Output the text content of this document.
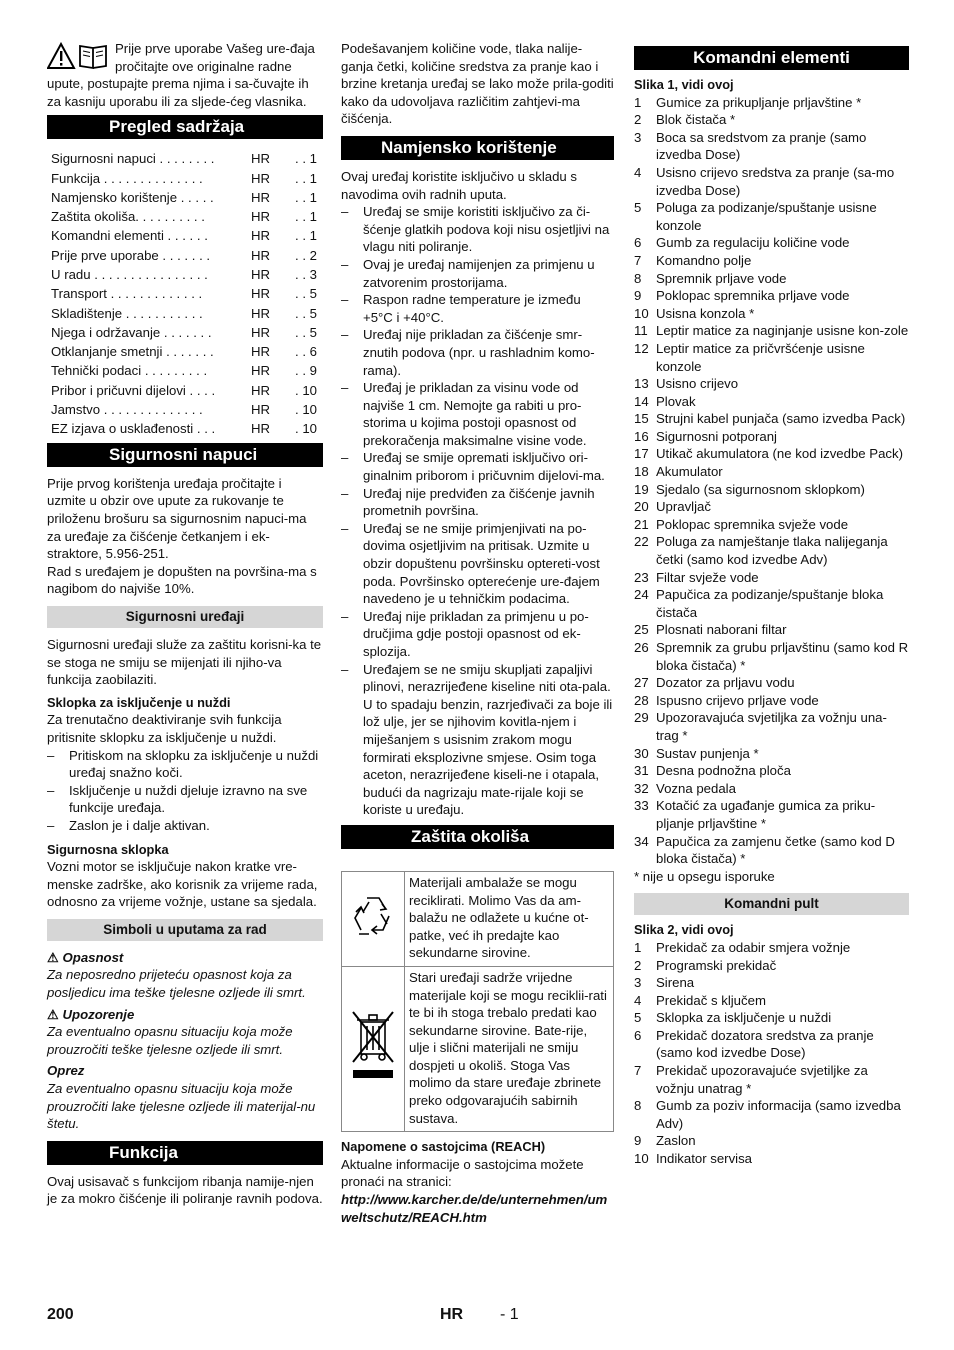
Prije prve uporabe Vašeg ure-đaja pročitajte ove originalne radne upute, postupajte prema njima i sa-čuvajte ih za kasniju uporabu ili za sljede-ćeg vlasnika.

Pregled sadržaja
Sigurnosni napuci . . . . . . . .	HR	. . 1
Funkcija . . . . . . . . . . . . . .	HR	. . 1
Namjensko korištenje . . . . .	HR	. . 1
Zaštita okoliša. . . . . . . . . .	HR	. . 1
Komandni elementi . . . . . .	HR	. . 1
Prije prve uporabe . . . . . . .	HR	. . 2
U radu . . . . . . . . . . . . . . . .	HR	. . 3
Transport . . . . . . . . . . . . .	HR	. . 5
Skladištenje . . . . . . . . . . .	HR	. . 5
Njega i održavanje . . . . . . .	HR	. . 5
Otklanjanje smetnji . . . . . . .	HR	. . 6
Tehnički podaci . . . . . . . . .	HR	. . 9
Pribor i pričuvni dijelovi . . . .	HR	. 10
Jamstvo . . . . . . . . . . . . . .	HR	. 10
EZ izjava o usklađenosti . . .	HR	. 10
Sigurnosni napuci

Prije prvog korištenja uređaja pročitajte i uzmite u obzir ove upute za rukovanje te priloženu brošuru sa sigurnosnim napuci-ma za uređaje za čišćenje četkanjem i ek-straktore, 5.956-251.

Rad s uređajem je dopušten na površina-ma s nagibom do najviše 10%.

Sigurnosni uređaji

Sigurnosni uređaji služe za zaštitu korisni-ka te se stoga ne smiju se mijenjati ili njiho-va funkcija zaobilaziti.

Sklopka za isključenje u nuždi

Za trenutačno deaktiviranje svih funkcija pritisnite sklopku za isključenje u nuždi.

– Pritiskom na sklopku za isključenje u nuždi uređaj snažno koči.
– Isključenje u nuždi djeluje izravno na sve funkcije uređaja.
– Zaslon je i dalje aktivan.
Sigurnosna sklopka

Vozni motor se isključuje nakon kratke vre-menske zadrške, ako korisnik za vrijeme rada, odnosno za vrijeme vožnje, ustane sa sjedala.

Simboli u uputama za rad
⚠ Opasnost

Za neposredno prijeteću opasnost koja za posljedicu ima teške tjelesne ozljede ili smrt.

⚠ Upozorenje

Za eventualno opasnu situaciju koja može prouzročiti teške tjelesne ozljede ili smrt.

Oprez

Za eventualno opasnu situaciju koja može prouzročiti lake tjelesne ozljede ili materijal-nu štetu.

Funkcija

Ovaj usisavač s funkcijom ribanja namije-njen je za mokro čišćenje ili poliranje ravnih podova.

Podešavanjem količine vode, tlaka nalije-ganja četki, količine sredstva za pranje kao i brzine kretanja uređaj se lako može prila-goditi kako da udovoljava različitim zahtjevi-ma čišćenja.

Namjensko korištenje

Ovaj uređaj koristite isključivo u skladu s navodima ovih radnih uputa.

– Uređaj se smije koristiti isključivo za či-šćenje glatkih podova koji nisu osjetljivi na vlagu niti poliranje.
– Ovaj je uređaj namijenjen za primjenu u zatvorenim prostorijama.
– Raspon radne temperature je između +5°C i +40°C.
– Uređaj nije prikladan za čišćenje smr-znutih podova (npr. u rashladnim komo-rama).
– Uređaj je prikladan za visinu vode od najviše 1 cm. Nemojte ga rabiti u pro-storima u kojima postoji opasnost od prekoračenja maksimalne visine vode.
– Uređaj se smije opremati isključivo ori-ginalnim priborom i pričuvnim dijelovi-ma.
– Uređaj nije predviđen za čišćenje javnih prometnih površina.
– Uređaj se ne smije primjenjivati na po-dovima osjetljivim na pritisak. Uzmite u obzir dopuštenu površinsku optereti-vost poda. Površinsko opterećenje ure-đajem navedeno je u tehničkim podacima.
– Uređaj nije prikladan za primjenu u po-dručjima gdje postoji opasnost od ek-splozija.
– Uređajem se ne smiju skupljati zapaljivi plinovi, nerazrijeđene kiseline niti ota-pala.

U to spadaju benzin, razrjeđivači za boje ili lož ulje, jer se njihovim kovitla-njem i miješanjem s usisnim zrakom mogu formirati eksplozivne smjese. Osim toga aceton, nerazrijeđene kiseli-ne i otapala, budući da nagrizaju mate-rijale koji se koriste u uređaju.

Zaštita okoliša
	Materijali ambalaže se mogu reciklirati. Molimo Vas da am-balažu ne odlažete u kućne ot-patke, već ih predajte kao sekundarne sirovine.
	Stari uređaji sadrže vrijedne materijale koji se mogu reciklii-rati te bi ih stoga trebalo predati kao sekundarne sirovine. Bate-rije, ulje i slični materijali ne smiju dospjeti u okoliš. Stoga Vas molimo da stare uređaje zbrinete preko odgovarajućih sabirnih sustava.
Napomene o sastojcima (REACH)

Aktualne informacije o sastojcima možete pronaći na stranici:

http://www.karcher.de/de/unternehmen/umweltschutz/REACH.htm

Komandni elementi
Slika 1, vidi ovoj
1	Gumice za prikupljanje prljavštine *
2	Blok čistača *
3	Boca sa sredstvom za pranje (samo izvedba Dose)
4	Usisno crijevo sredstva za pranje (sa-mo izvedba Dose)
5	Poluga za podizanje/spuštanje usisne konzole
6	Gumb za regulaciju količine vode
7	Komandno polje
8	Spremnik prljave vode
9	Poklopac spremnika prljave vode
10 Usisna konzola *
11 Leptir matice za naginjanje usisne kon-zole
12 Leptir matice za pričvršćenje usisne konzole
13 Usisno crijevo
14 Plovak
15 Strujni kabel punjača (samo izvedba Pack)
16 Sigurnosni potporanj
17 Utikač akumulatora (ne kod izvedbe Pack)
18 Akumulator
19 Sjedalo (sa sigurnosnom sklopkom)
20 Upravljač
21 Poklopac spremnika svježe vode
22 Poluga za namještanje tlaka nalijeganja četki (samo kod izvedbe Adv)
23 Filtar svježe vode
24 Papučica za podizanje/spuštanje bloka čistača
25 Plosnati naborani filtar
26 Spremnik za grubu prljavštinu (samo kod R bloka čistača) *
27 Dozator za prljavu vodu
28 Ispusno crijevo prljave vode
29 Upozoravajuća svjetiljka za vožnju una-trag *
30 Sustav punjenja *
31 Desna podnožna ploča
32 Vozna pedala
33 Kotačić za ugađanje gumica za priku-pljanje prljavštine *
34 Papučica za zamjenu četke (samo kod D bloka čistača) *

* nije u opsegu isporuke

Komandni pult
Slika 2, vidi ovoj
1	Prekidač za odabir smjera vožnje
2	Programski prekidač
3	Sirena
4	Prekidač s ključem
5	Sklopka za isključenje u nuždi
6	Prekidač dozatora sredstva za pranje (samo kod izvedbe Dose)
7	Prekidač upozoravajuće svjetiljke za vožnju unatrag *
8	Gumb za poziv informacija (samo izvedba Adv)
9	Zaslon
10 Indikator servisa
200	HR - 1
